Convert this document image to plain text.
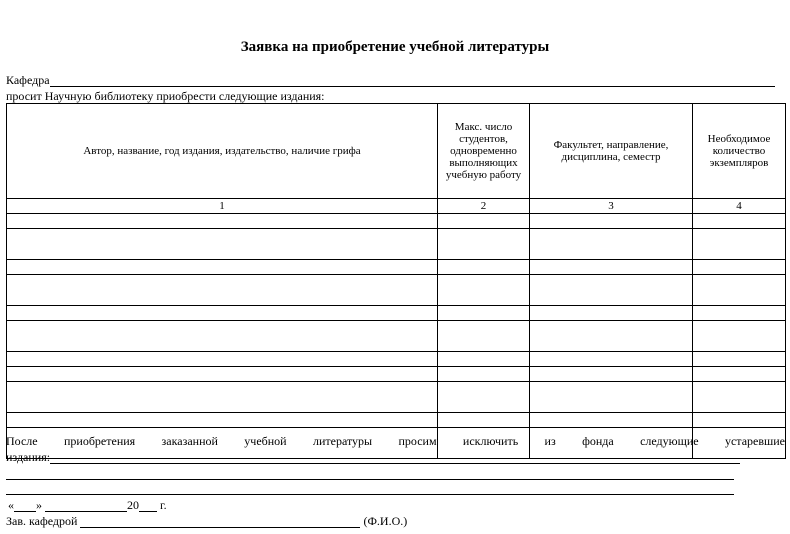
Заявка на приобретение учебной литературы
Кафедра
просит Научную библиотеку приобрести следующие издания:
Автор, название, год издания, издательство, наличие грифа	Макс. число студентов, одновременно выполняющих учебную работу	Факультет, направление, дисциплина, семестр	Необходимое количество экземпляров
1	2	3	4

После приобретения заказанной учебной литературы просим исключить из фонда следующие устаревшие
издания:
« »	20 г.
Зав. кафедрой	(Ф.И.О.)
